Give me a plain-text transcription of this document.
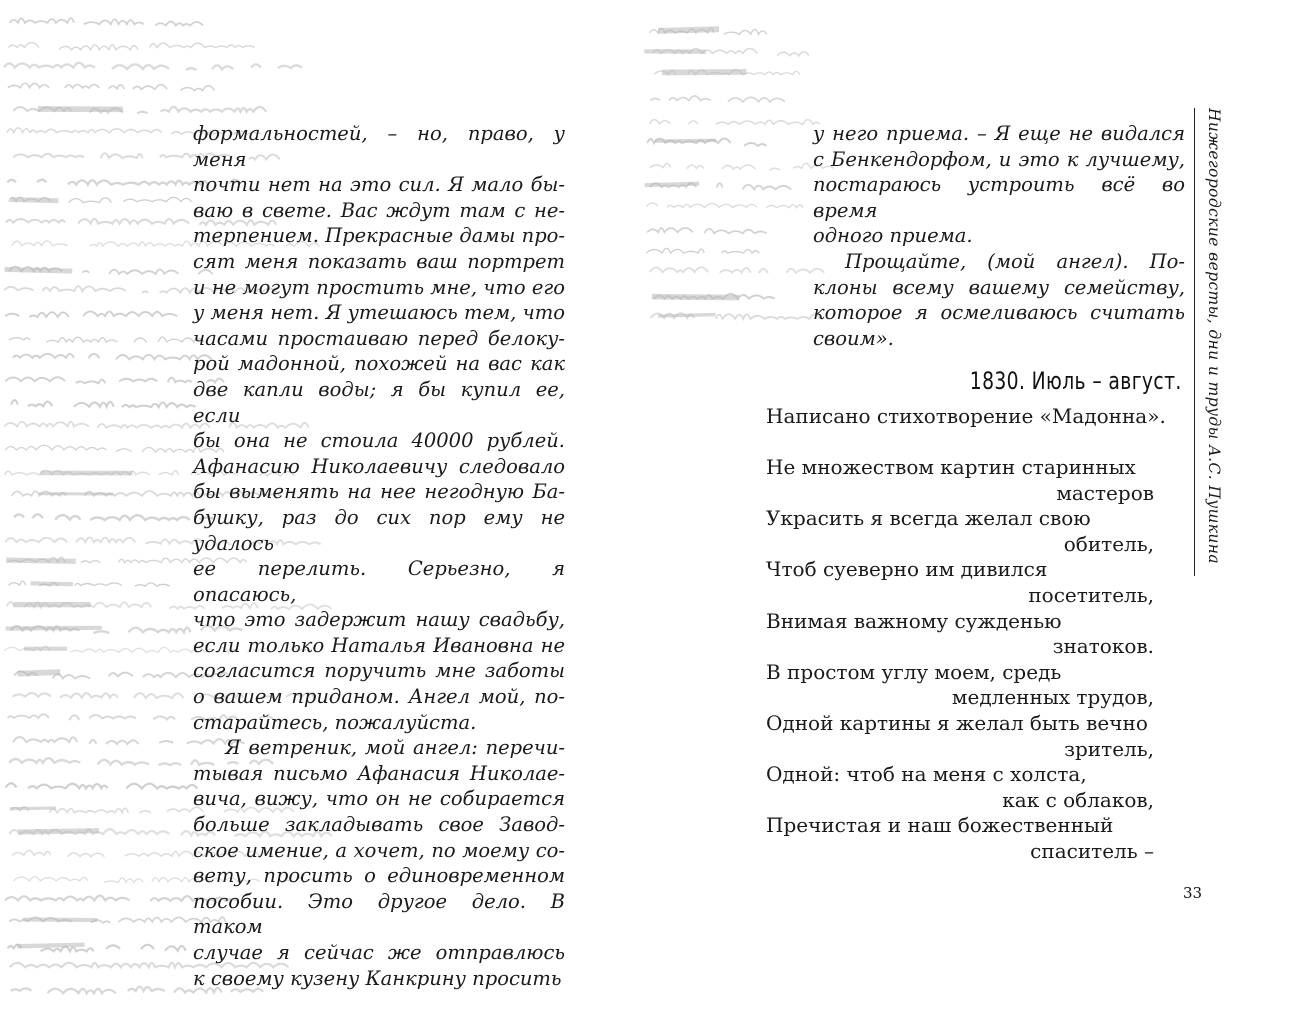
формальностей, – но, право, у меня
почти нет на это сил. Я мало бы-
ваю в свете. Вас ждут там с не-
терпением. Прекрасные дамы про-
сят меня показать ваш портрет
и не могут простить мне, что его
у меня нет. Я утешаюсь тем, что
часами простаиваю перед белоку-
рой мадонной, похожей на вас как
две капли воды; я бы купил ее, если
бы она не стоила 40000 рублей.
Афанасию Николаевичу следовало
бы выменять на нее негодную Ба-
бушку, раз до сих пор ему не удалось
ее перелить. Серьезно, я опасаюсь,
что это задержит нашу свадьбу,
если только Наталья Ивановна не
согласится поручить мне заботы
о вашем приданом. Ангел мой, по-
старайтесь, пожалуйста.

Я ветреник, мой ангел: перечи-
тывая письмо Афанасия Николае-
вича, вижу, что он не собирается
больше закладывать свое Завод-
ское имение, а хочет, по моему со-
вету, просить о единовременном
пособии. Это другое дело. В таком
случае я сейчас же отправлюсь
к своему кузену Канкрину просить

у него приема. – Я еще не видался
с Бенкендорфом, и это к лучшему,
постараюсь устроить всё во время
одного приема.

Прощайте, (мой ангел). По-
клоны всему вашему семейству,
которое я осмеливаюсь считать
своим».

1830. Июль – август.
Написано стихотворение «Мадонна».
Не множеством картин старинных
мастеров
Украсить я всегда желал свою
обитель,
Чтоб суеверно им дивился
посетитель,
Внимая важному сужденью
знатоков.
В простом углу моем, средь
медленных трудов,
Одной картины я желал быть вечно
зритель,
Одной: чтоб на меня с холста,
как с облаков,
Пречистая и наш божественный
спаситель –
Нижегородские версты, дни и труды А.С. Пушкина
33
